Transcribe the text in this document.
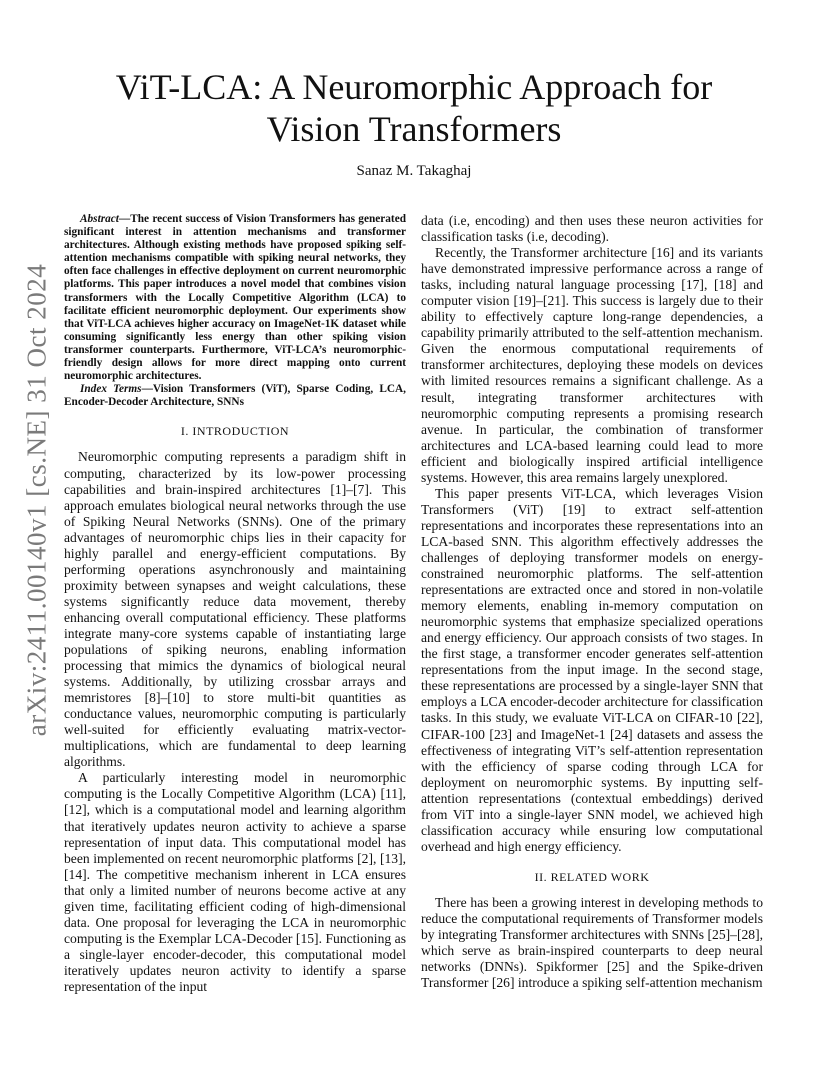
arXiv:2411.00140v1 [cs.NE] 31 Oct 2024
ViT-LCA: A Neuromorphic Approach for Vision Transformers
Sanaz M. Takaghaj

Abstract—The recent success of Vision Transformers has generated significant interest in attention mechanisms and transformer architectures. Although existing methods have proposed spiking self-attention mechanisms compatible with spiking neural networks, they often face challenges in effective deployment on current neuromorphic platforms. This paper introduces a novel model that combines vision transformers with the Locally Competitive Algorithm (LCA) to facilitate efficient neuromorphic deployment. Our experiments show that ViT-LCA achieves higher accuracy on ImageNet-1K dataset while consuming significantly less energy than other spiking vision transformer counterparts. Furthermore, ViT-LCA’s neuromorphic-friendly design allows for more direct mapping onto current neuromorphic architectures.

Index Terms—Vision Transformers (ViT), Sparse Coding, LCA, Encoder-Decoder Architecture, SNNs

I. INTRODUCTION

Neuromorphic computing represents a paradigm shift in computing, characterized by its low-power processing capabilities and brain-inspired architectures [1]–[7]. This approach emulates biological neural networks through the use of Spiking Neural Networks (SNNs). One of the primary advantages of neuromorphic chips lies in their capacity for highly parallel and energy-efficient computations. By performing operations asynchronously and maintaining proximity between synapses and weight calculations, these systems significantly reduce data movement, thereby enhancing overall computational efficiency. These platforms integrate many-core systems capable of instantiating large populations of spiking neurons, enabling information processing that mimics the dynamics of biological neural systems. Additionally, by utilizing crossbar arrays and memristores [8]–[10] to store multi-bit quantities as conductance values, neuromorphic computing is particularly well-suited for efficiently evaluating matrix-vector-multiplications, which are fundamental to deep learning algorithms.

A particularly interesting model in neuromorphic computing is the Locally Competitive Algorithm (LCA) [11], [12], which is a computational model and learning algorithm that iteratively updates neuron activity to achieve a sparse representation of input data. This computational model has been implemented on recent neuromorphic platforms [2], [13], [14]. The competitive mechanism inherent in LCA ensures that only a limited number of neurons become active at any given time, facilitating efficient coding of high-dimensional data. One proposal for leveraging the LCA in neuromorphic computing is the Exemplar LCA-Decoder [15]. Functioning as a single-layer encoder-decoder, this computational model iteratively updates neuron activity to identify a sparse representation of the input

data (i.e, encoding) and then uses these neuron activities for classification tasks (i.e, decoding).

Recently, the Transformer architecture [16] and its variants have demonstrated impressive performance across a range of tasks, including natural language processing [17], [18] and computer vision [19]–[21]. This success is largely due to their ability to effectively capture long-range dependencies, a capability primarily attributed to the self-attention mechanism. Given the enormous computational requirements of transformer architectures, deploying these models on devices with limited resources remains a significant challenge. As a result, integrating transformer architectures with neuromorphic computing represents a promising research avenue. In particular, the combination of transformer architectures and LCA-based learning could lead to more efficient and biologically inspired artificial intelligence systems. However, this area remains largely unexplored.

This paper presents ViT-LCA, which leverages Vision Transformers (ViT) [19] to extract self-attention representations and incorporates these representations into an LCA-based SNN. This algorithm effectively addresses the challenges of deploying transformer models on energy-constrained neuromorphic platforms. The self-attention representations are extracted once and stored in non-volatile memory elements, enabling in-memory computation on neuromorphic systems that emphasize specialized operations and energy efficiency. Our approach consists of two stages. In the first stage, a transformer encoder generates self-attention representations from the input image. In the second stage, these representations are processed by a single-layer SNN that employs a LCA encoder-decoder architecture for classification tasks. In this study, we evaluate ViT-LCA on CIFAR-10 [22], CIFAR-100 [23] and ImageNet-1 [24] datasets and assess the effectiveness of integrating ViT’s self-attention representation with the efficiency of sparse coding through LCA for deployment on neuromorphic systems. By inputting self-attention representations (contextual embeddings) derived from ViT into a single-layer SNN model, we achieved high classification accuracy while ensuring low computational overhead and high energy efficiency.

II. RELATED WORK

There has been a growing interest in developing methods to reduce the computational requirements of Transformer models by integrating Transformer architectures with SNNs [25]–[28], which serve as brain-inspired counterparts to deep neural networks (DNNs). Spikformer [25] and the Spike-driven Transformer [26] introduce a spiking self-attention mechanism
